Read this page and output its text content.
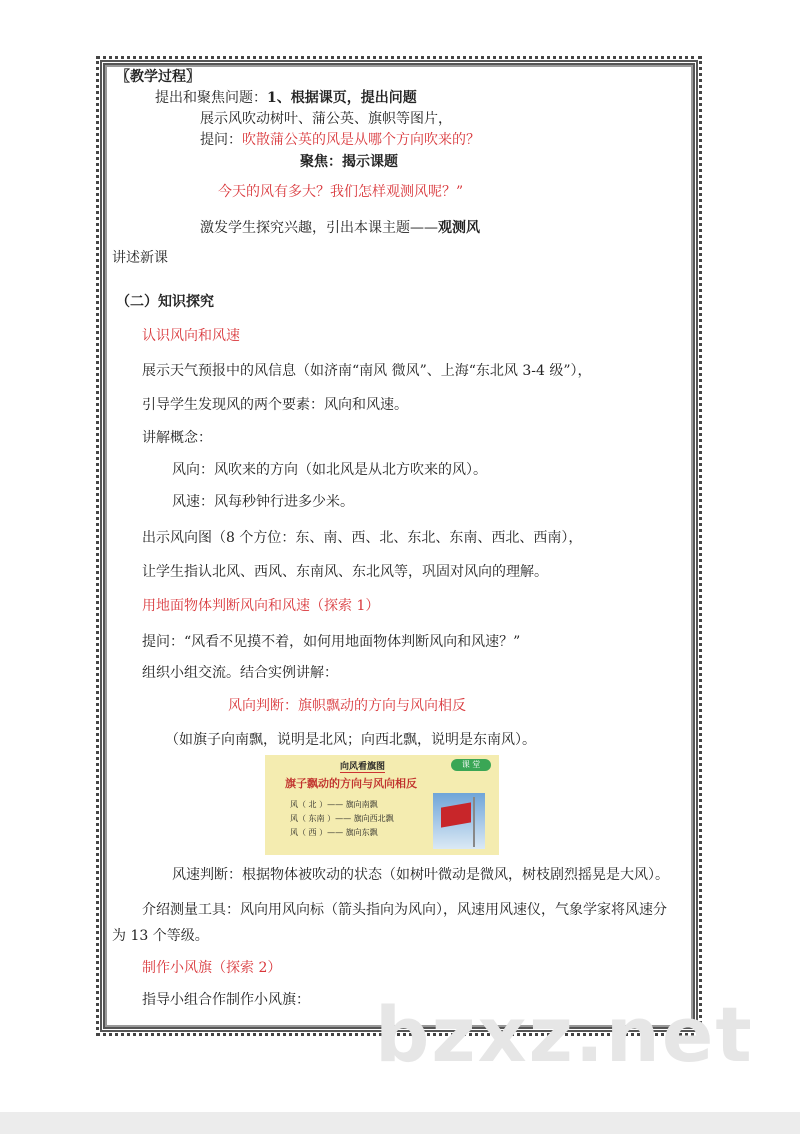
〖教学过程〗
提出和聚焦问题：1、根据课页，提出问题
展示风吹动树叶、蒲公英、旗帜等图片，
提问：吹散蒲公英的风是从哪个方向吹来的？
聚焦：揭示课题
今天的风有多大？我们怎样观测风呢？”
激发学生探究兴趣，引出本课主题——观测风
讲述新课
（二）知识探究
认识风向和风速
展示天气预报中的风信息（如济南“南风 微风”、上海“东北风 3-4 级”），
引导学生发现风的两个要素：风向和风速。
讲解概念：
风向：风吹来的方向（如北风是从北方吹来的风）。
风速：风每秒钟行进多少米。
出示风向图（8 个方位：东、南、西、北、东北、东南、西北、西南），
让学生指认北风、西风、东南风、东北风等，巩固对风向的理解。
用地面物体判断风向和风速（探索 1）
提问：“风看不见摸不着，如何用地面物体判断风向和风速？”
组织小组交流。结合实例讲解：
风向判断：旗帜飘动的方向与风向相反
（如旗子向南飘，说明是北风；向西北飘，说明是东南风）。
向风看旗图	课 堂
旗子飘动的方向与风向相反
风（ 北 ）—— 旗向南飘
风（ 东南 ）—— 旗向西北飘
风（ 西 ）—— 旗向东飘
风速判断：根据物体被吹动的状态（如树叶微动是微风，树枝剧烈摇晃是大风）。
介绍测量工具：风向用风向标（箭头指向为风向），风速用风速仪，气象学家将风速分
为 13 个等级。
制作小风旗（探索 2）
指导小组合作制作小风旗： bzxz.net
